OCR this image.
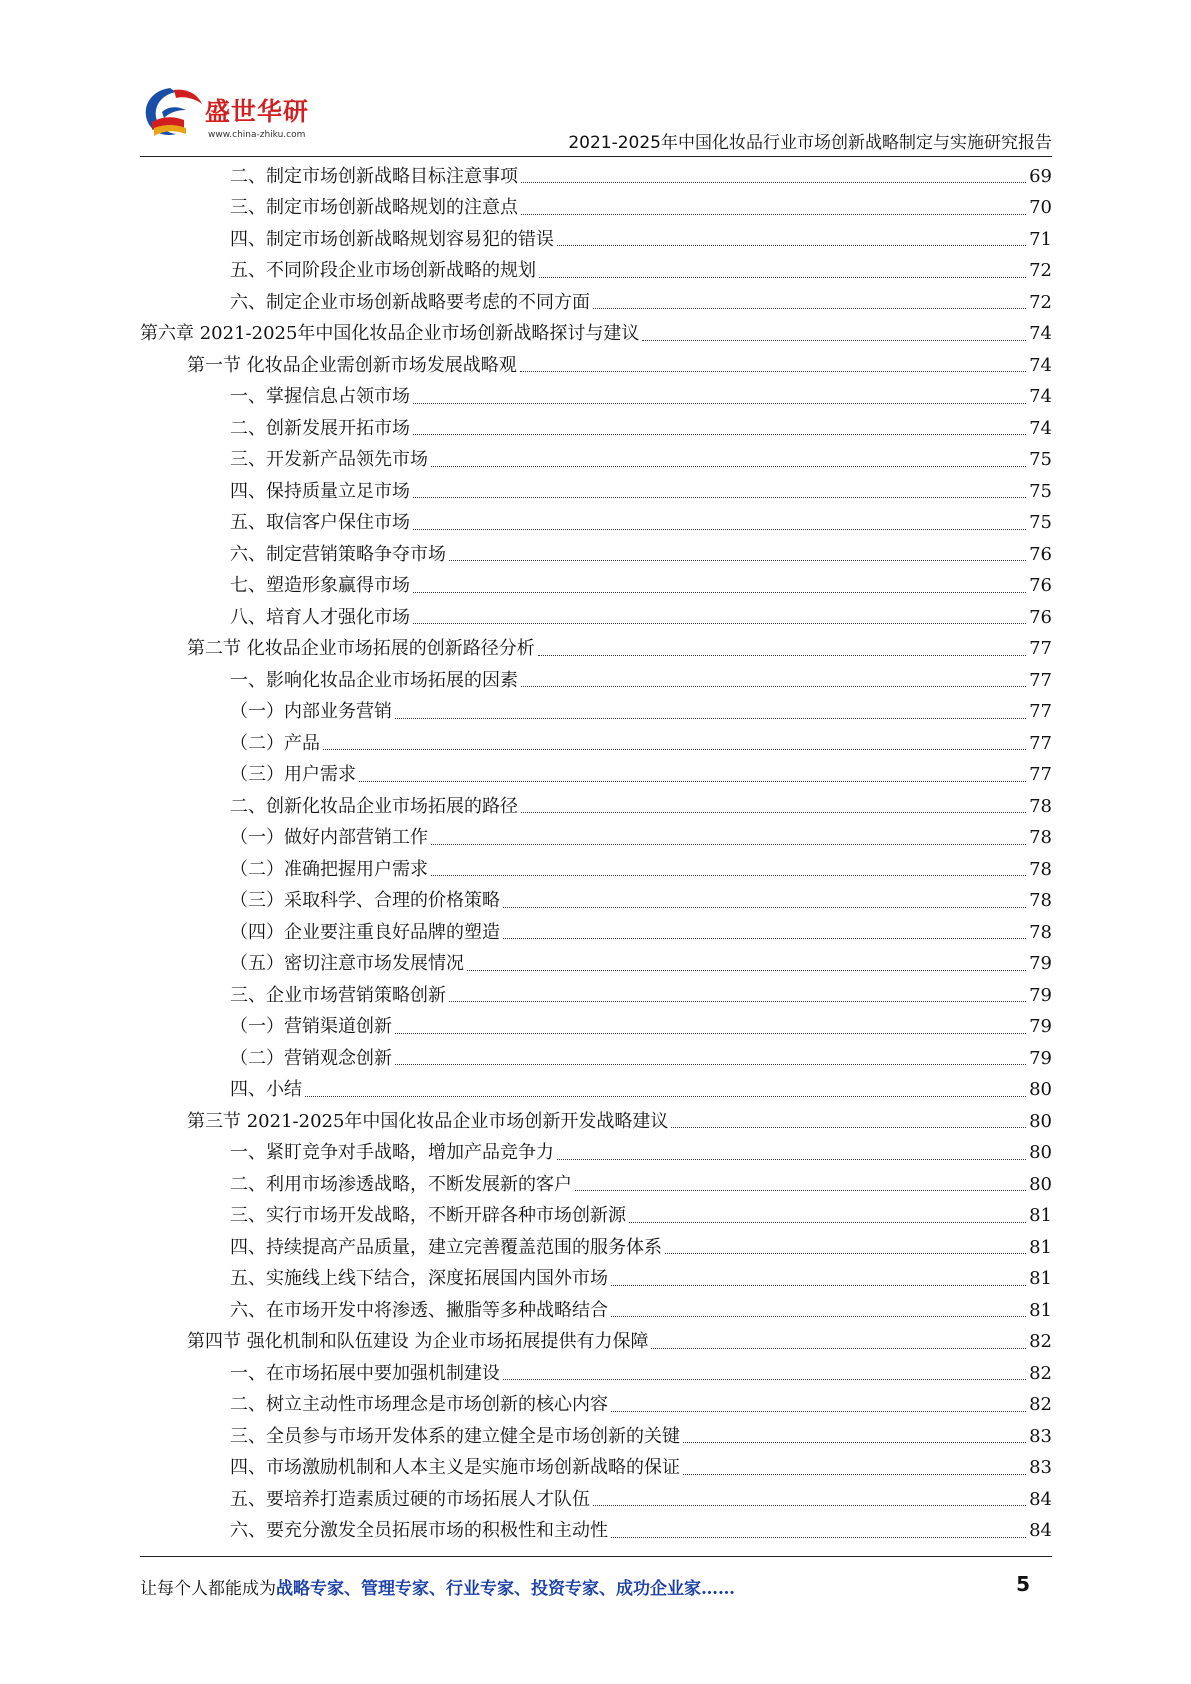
盛世华研
www.china-zhiku.com	2021-2025年中国化妆品行业市场创新战略制定与实施研究报告
二、制定市场创新战略目标注意事项	69
三、制定市场创新战略规划的注意点	70
四、制定市场创新战略规划容易犯的错误	71
五、不同阶段企业市场创新战略的规划	72
六、制定企业市场创新战略要考虑的不同方面	72
第六章 2021-2025年中国化妆品企业市场创新战略探讨与建议	74
第一节 化妆品企业需创新市场发展战略观	74
一、掌握信息占领市场	74
二、创新发展开拓市场	74
三、开发新产品领先市场	75
四、保持质量立足市场	75
五、取信客户保住市场	75
六、制定营销策略争夺市场	76
七、塑造形象赢得市场	76
八、培育人才强化市场	76
第二节 化妆品企业市场拓展的创新路径分析	77
一、影响化妆品企业市场拓展的因素	77
（一）内部业务营销	77
（二）产品	77
（三）用户需求	77
二、创新化妆品企业市场拓展的路径	78
（一）做好内部营销工作	78
（二）准确把握用户需求	78
（三）采取科学、合理的价格策略	78
（四）企业要注重良好品牌的塑造	78
（五）密切注意市场发展情况	79
三、企业市场营销策略创新	79
（一）营销渠道创新	79
（二）营销观念创新	79
四、小结	80
第三节 2021-2025年中国化妆品企业市场创新开发战略建议	80
一、紧盯竞争对手战略，增加产品竞争力	80
二、利用市场渗透战略，不断发展新的客户	80
三、实行市场开发战略，不断开辟各种市场创新源	81
四、持续提高产品质量，建立完善覆盖范围的服务体系	81
五、实施线上线下结合，深度拓展国内国外市场	81
六、在市场开发中将渗透、撇脂等多种战略结合	81
第四节 强化机制和队伍建设 为企业市场拓展提供有力保障	82
一、在市场拓展中要加强机制建设	82
二、树立主动性市场理念是市场创新的核心内容	82
三、全员参与市场开发体系的建立健全是市场创新的关键	83
四、市场激励机制和人本主义是实施市场创新战略的保证	83
五、要培养打造素质过硬的市场拓展人才队伍	84
六、要充分激发全员拓展市场的积极性和主动性	84
让每个人都能成为战略专家、管理专家、行业专家、投资专家、成功企业家……	5
